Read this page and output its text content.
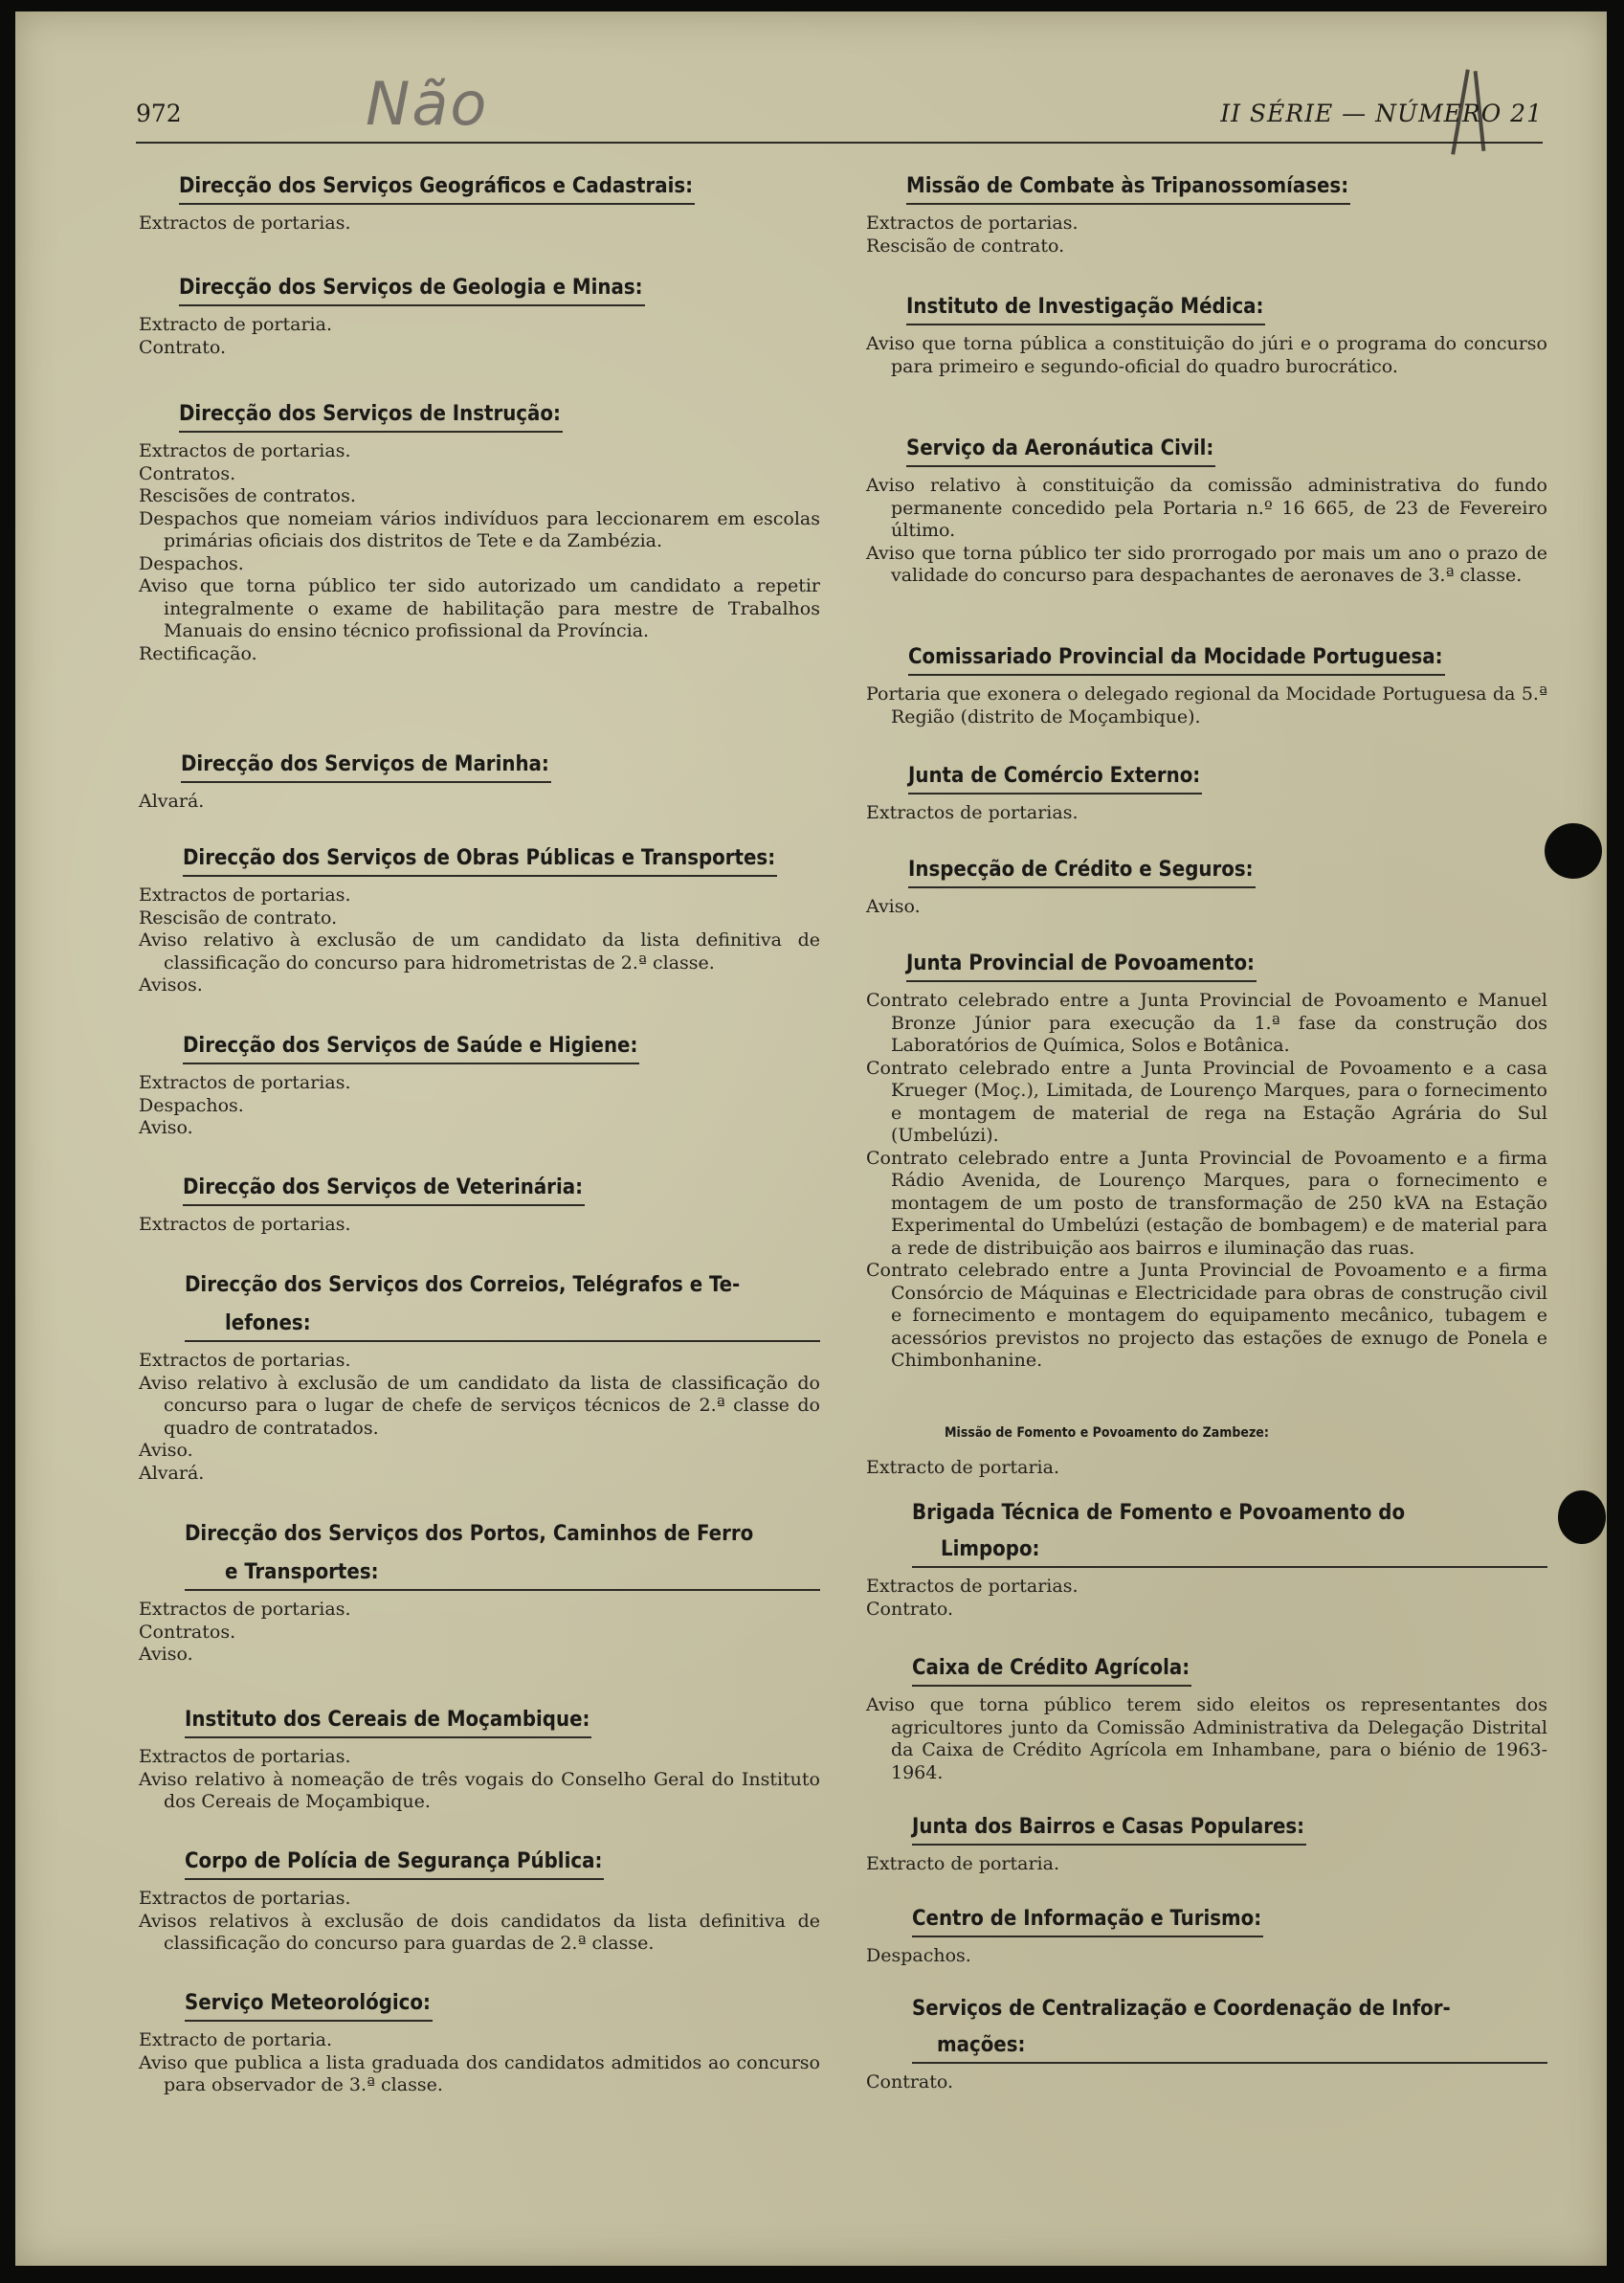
Não
972	II SÉRIE — NÚMERO 21
Direcção dos Serviços Geográficos e Cadastrais:
Extractos de portarias.
Direcção dos Serviços de Geologia e Minas:
Extracto de portaria.
Contrato.
Direcção dos Serviços de Instrução:
Extractos de portarias.
Contratos.
Rescisões de contratos.
Despachos que nomeiam vários indivíduos para leccionarem em escolas primárias oficiais dos distritos de Tete e da Zambézia.
Despachos.
Aviso que torna público ter sido autorizado um candidato a repetir integralmente o exame de habilitação para mestre de Trabalhos Manuais do ensino técnico profissional da Província.
Rectificação.
Direcção dos Serviços de Marinha:
Alvará.
Direcção dos Serviços de Obras Públicas e Transportes:
Extractos de portarias.
Rescisão de contrato.
Aviso relativo à exclusão de um candidato da lista definitiva de classificação do concurso para hidrometristas de 2.ª classe.
Avisos.
Direcção dos Serviços de Saúde e Higiene:
Extractos de portarias.
Despachos.
Aviso.
Direcção dos Serviços de Veterinária:
Extractos de portarias.
Direcção dos Serviços dos Correios, Telégrafos e Te-
lefones:
Extractos de portarias.
Aviso relativo à exclusão de um candidato da lista de classificação do concurso para o lugar de chefe de serviços técnicos de 2.ª classe do quadro de contratados.
Aviso.
Alvará.
Direcção dos Serviços dos Portos, Caminhos de Ferro
e Transportes:
Extractos de portarias.
Contratos.
Aviso.
Instituto dos Cereais de Moçambique:
Extractos de portarias.
Aviso relativo à nomeação de três vogais do Conselho Geral do Instituto dos Cereais de Moçambique.
Corpo de Polícia de Segurança Pública:
Extractos de portarias.
Avisos relativos à exclusão de dois candidatos da lista definitiva de classificação do concurso para guardas de 2.ª classe.
Serviço Meteorológico:
Extracto de portaria.
Aviso que publica a lista graduada dos candidatos admitidos ao concurso para observador de 3.ª classe.
Missão de Combate às Tripanossomíases:
Extractos de portarias.
Rescisão de contrato.
Instituto de Investigação Médica:
Aviso que torna pública a constituição do júri e o programa do concurso para primeiro e segundo-oficial do quadro burocrático.
Serviço da Aeronáutica Civil:
Aviso relativo à constituição da comissão administrativa do fundo permanente concedido pela Portaria n.º 16 665, de 23 de Fevereiro último.
Aviso que torna público ter sido prorrogado por mais um ano o prazo de validade do concurso para despachantes de aeronaves de 3.ª classe.
Comissariado Provincial da Mocidade Portuguesa:
Portaria que exonera o delegado regional da Mocidade Portuguesa da 5.ª Região (distrito de Moçambique).
Junta de Comércio Externo:
Extractos de portarias.
Inspecção de Crédito e Seguros:
Aviso.
Junta Provincial de Povoamento:
Contrato celebrado entre a Junta Provincial de Povoamento e Manuel Bronze Júnior para execução da 1.ª fase da construção dos Laboratórios de Química, Solos e Botânica.
Contrato celebrado entre a Junta Provincial de Povoamento e a casa Krueger (Moç.), Limitada, de Lourenço Marques, para o fornecimento e montagem de material de rega na Estação Agrária do Sul (Umbelúzi).
Contrato celebrado entre a Junta Provincial de Povoamento e a firma Rádio Avenida, de Lourenço Marques, para o fornecimento e montagem de um posto de transformação de 250 kVA na Estação Experimental do Umbelúzi (estação de bombagem) e de material para a rede de distribuição aos bairros e iluminação das ruas.
Contrato celebrado entre a Junta Provincial de Povoamento e a firma Consórcio de Máquinas e Electricidade para obras de construção civil e fornecimento e montagem do equipamento mecânico, tubagem e acessórios previstos no projecto das estações de exnugo de Ponela e Chimbonhanine.
Missão de Fomento e Povoamento do Zambeze:
Extracto de portaria.
Brigada Técnica de Fomento e Povoamento do
Limpopo:
Extractos de portarias.
Contrato.
Caixa de Crédito Agrícola:
Aviso que torna público terem sido eleitos os representantes dos agricultores junto da Comissão Administrativa da Delegação Distrital da Caixa de Crédito Agrícola em Inhambane, para o biénio de 1963-1964.
Junta dos Bairros e Casas Populares:
Extracto de portaria.
Centro de Informação e Turismo:
Despachos.
Serviços de Centralização e Coordenação de Infor-
mações:
Contrato.
